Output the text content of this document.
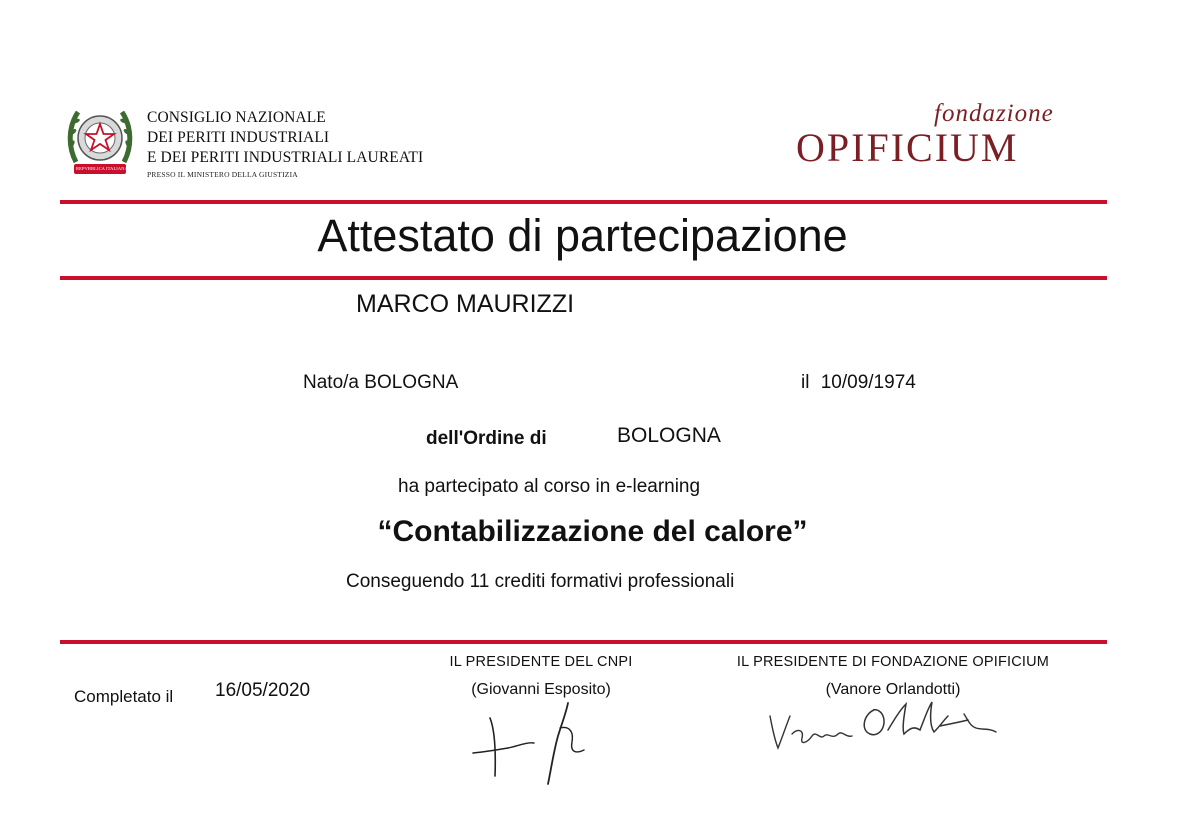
REPVBBLICA ITALIANA
CONSIGLIO NAZIONALE
DEI PERITI INDUSTRIALI
E DEI PERITI INDUSTRIALI LAUREATI
PRESSO IL MINISTERO DELLA GIUSTIZIA
fondazione
OPIFICIUM
Attestato di partecipazione
MARCO MAURIZZI
Nato/a BOLOGNA	il 10/09/1974
dell'Ordine di	BOLOGNA
ha partecipato al corso in e-learning
“Contabilizzazione del calore”
Conseguendo 11 crediti formativi professionali
Completato il 16/05/2020
IL PRESIDENTE DEL CNPI
(Giovanni Esposito)
IL PRESIDENTE DI FONDAZIONE OPIFICIUM
(Vanore Orlandotti)
